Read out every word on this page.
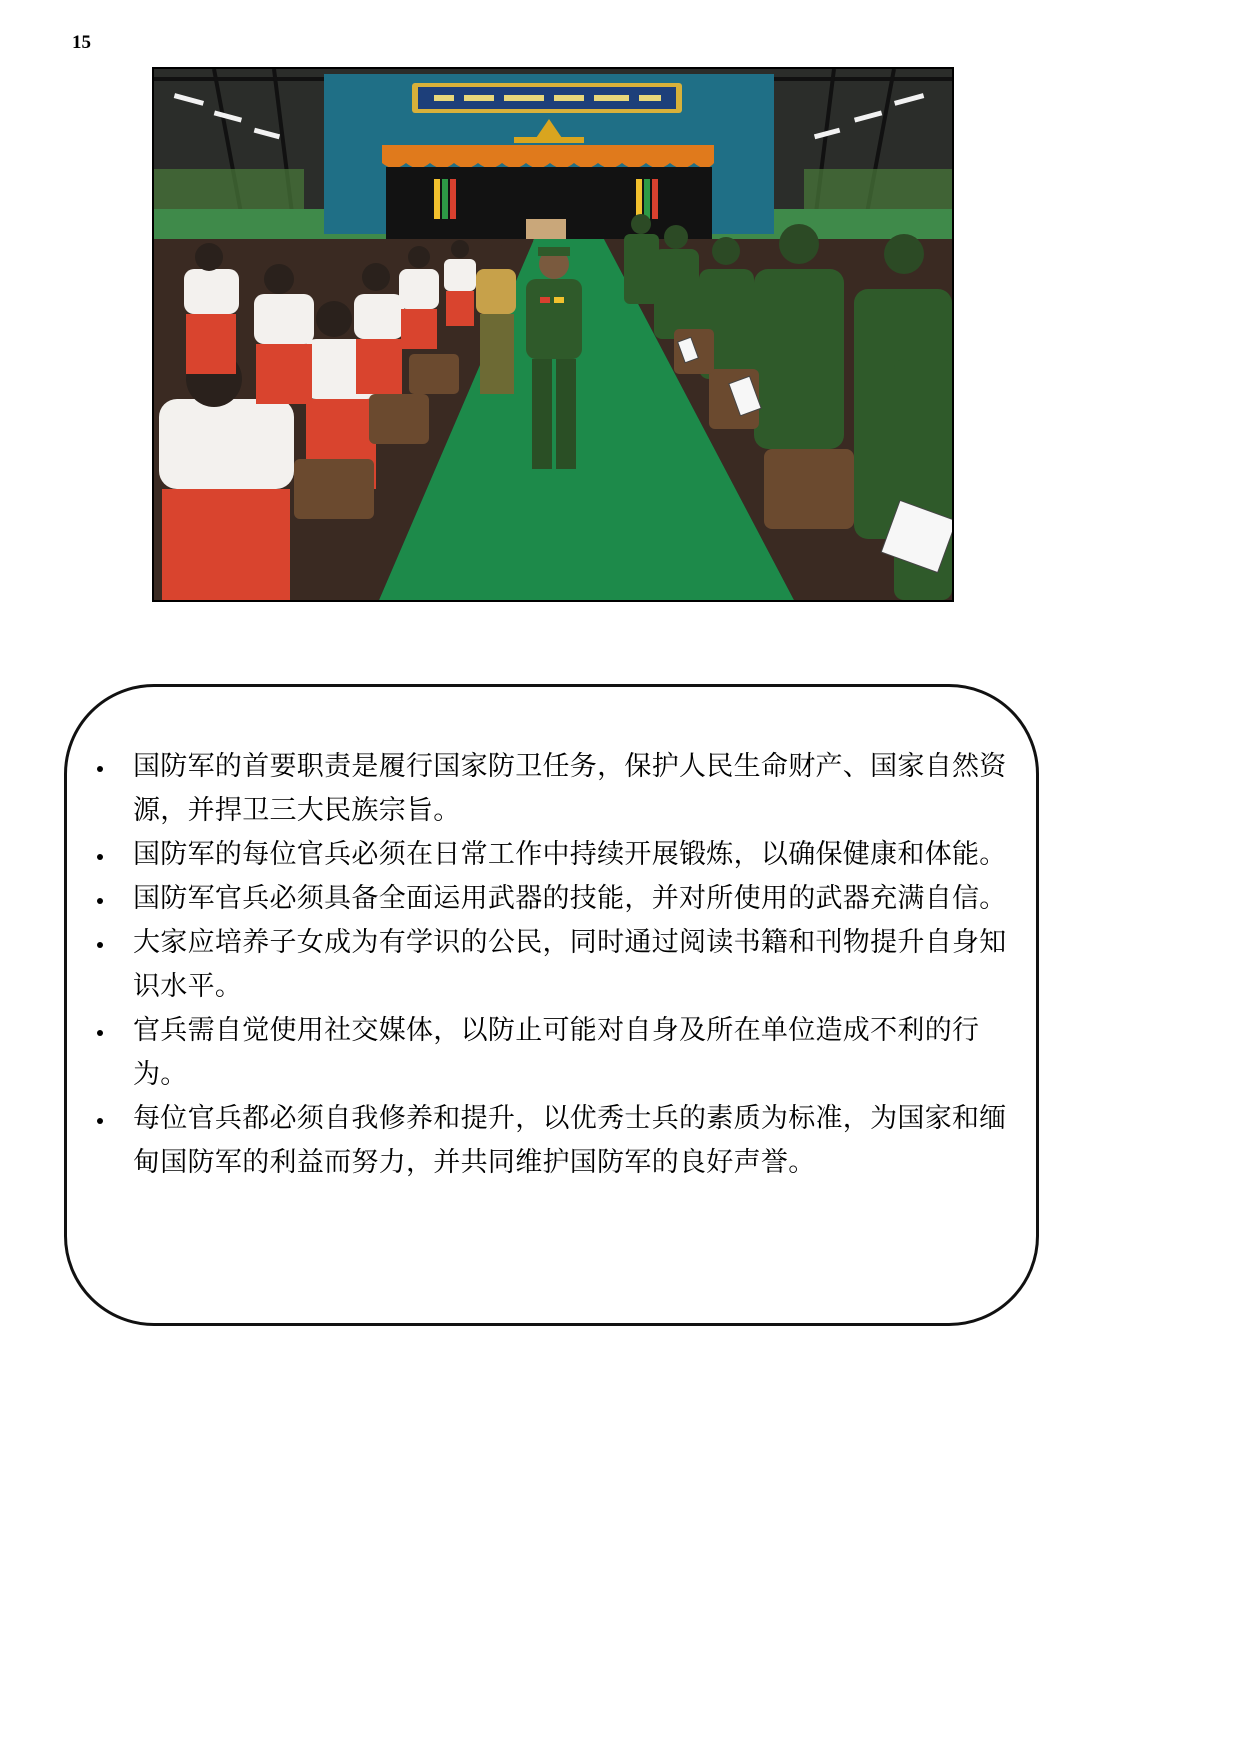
15
国防军的首要职责是履行国家防卫任务，保护人民生命财产、国家自然资源，并捍卫三大民族宗旨。
国防军的每位官兵必须在日常工作中持续开展锻炼，以确保健康和体能。
国防军官兵必须具备全面运用武器的技能，并对所使用的武器充满自信。
大家应培养子女成为有学识的公民，同时通过阅读书籍和刊物提升自身知识水平。
官兵需自觉使用社交媒体，以防止可能对自身及所在单位造成不利的行为。
每位官兵都必须自我修养和提升，以优秀士兵的素质为标准，为国家和缅甸国防军的利益而努力，并共同维护国防军的良好声誉。
